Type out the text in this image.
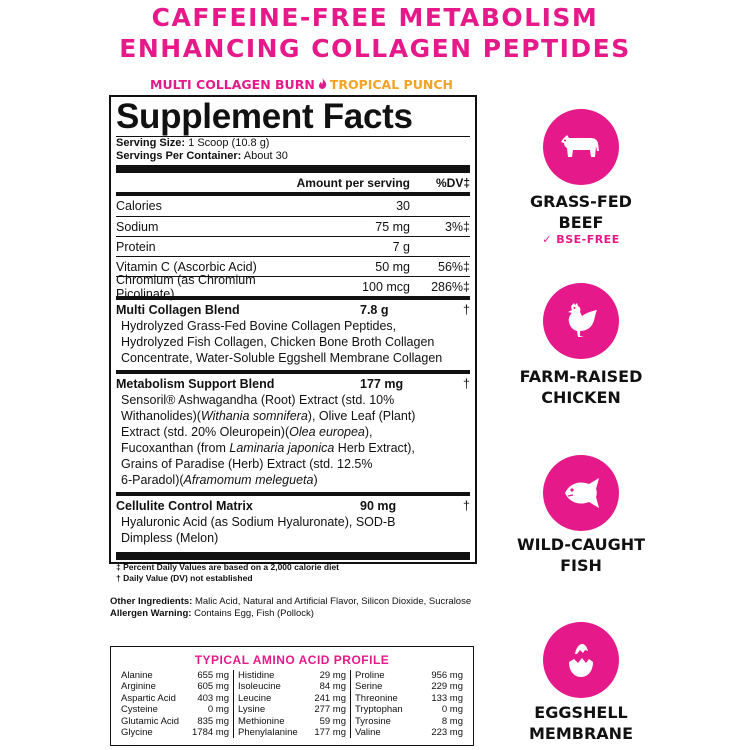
CAFFEINE-FREE METABOLISM
ENHANCING COLLAGEN PEPTIDES
MULTI COLLAGEN BURN TROPICAL PUNCH
Supplement Facts
Serving Size: 1 Scoop (10.8 g)
Servings Per Container: About 30
Amount per serving	%DV‡
Calories	30
Sodium	75 mg	3%‡
Protein	7 g
Vitamin C (Ascorbic Acid)	50 mg	56%‡
Chromium (as Chromium Picolinate)	100 mcg	286%‡
Multi Collagen Blend	7.8 g	†
Hydrolyzed Grass-Fed Bovine Collagen Peptides,
Hydrolyzed Fish Collagen, Chicken Bone Broth Collagen
Concentrate, Water-Soluble Eggshell Membrane Collagen
Metabolism Support Blend	177 mg	†
Sensoril® Ashwagandha (Root) Extract (std. 10%
Withanolides)(Withania somnifera), Olive Leaf (Plant)
Extract (std. 20% Oleuropein)(Olea europea),
Fucoxanthan (from Laminaria japonica Herb Extract),
Grains of Paradise (Herb) Extract (std. 12.5%
6-Paradol)(Aframomum melegueta)
Cellulite Control Matrix	90 mg	†
Hyaluronic Acid (as Sodium Hyaluronate), SOD-B
Dimpless (Melon)
‡ Percent Daily Values are based on a 2,000 calorie diet
† Daily Value (DV) not established
Other Ingredients: Malic Acid, Natural and Artificial Flavor, Silicon Dioxide, Sucralose
Allergen Warning: Contains Egg, Fish (Pollock)
TYPICAL AMINO ACID PROFILE
Alanine	655 mg
Arginine	605 mg
Aspartic Acid 403 mg
Cysteine	0 mg
Glutamic Acid 835 mg
Glycine	1784 mg
Histidine	29 mg
Isoleucine	84 mg
Leucine	241 mg
Lysine	277 mg
Methionine	59 mg
Phenylalanine 177 mg
Proline	956 mg
Serine	229 mg
Threonine	133 mg
Tryptophan	0 mg
Tyrosine	8 mg
Valine	223 mg
GRASS-FED
BEEF
✓ BSE-FREE
FARM-RAISED
CHICKEN
WILD-CAUGHT
FISH
EGGSHELL
MEMBRANE
